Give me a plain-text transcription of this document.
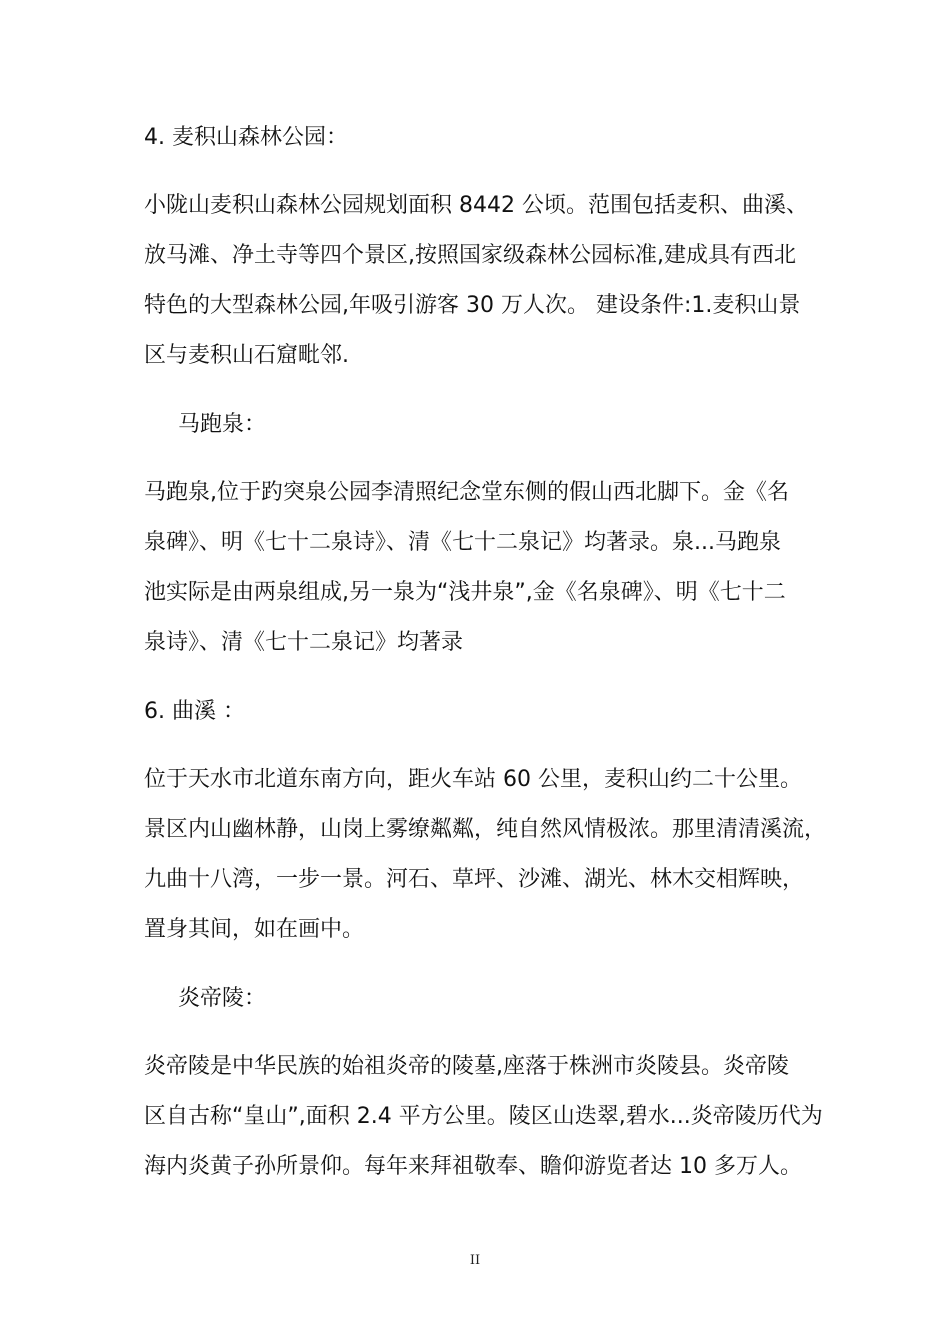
4. 麦积山森林公园：

小陇山麦积山森林公园规划面积 8442 公顷。范围包括麦积、曲溪、

放马滩、净土寺等四个景区,按照国家级森林公园标准,建成具有西北

特色的大型森林公园,年吸引游客 30 万人次。 建设条件:1.麦积山景

区与麦积山石窟毗邻.

马跑泉：

马跑泉,位于趵突泉公园李清照纪念堂东侧的假山西北脚下。金《名

泉碑》、明《七十二泉诗》、清《七十二泉记》均著录。泉...马跑泉

池实际是由两泉组成,另一泉为“浅井泉”,金《名泉碑》、明《七十二

泉诗》、清《七十二泉记》均著录

6. 曲溪 ：

位于天水市北道东南方向，距火车站 60 公里，麦积山约二十公里。

景区内山幽林静，山岗上雾缭粼粼，纯自然风情极浓。那里清清溪流，

九曲十八湾，一步一景。河石、草坪、沙滩、湖光、林木交相辉映，

置身其间，如在画中。

炎帝陵：

炎帝陵是中华民族的始祖炎帝的陵墓,座落于株洲市炎陵县。炎帝陵

区自古称“皇山”,面积 2.4 平方公里。陵区山迭翠,碧水...炎帝陵历代为

海内炎黄子孙所景仰。每年来拜祖敬奉、瞻仰游览者达 10 多万人。

II
